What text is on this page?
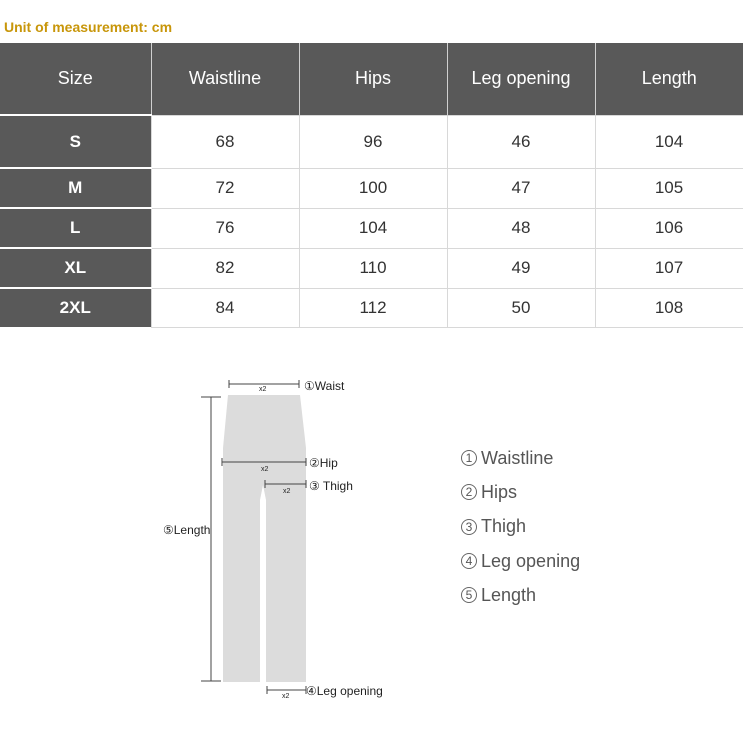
Unit of measurement: cm
Size	Waistline	Hips	Leg opening	Length
S	68	96	46	104
M	72	100	47	105
L	76	104	48	106
XL	82	110	49	107
2XL	84	112	50	108
x2	①Waist
x2	②Hip
x2 ③ Thigh
x2 ④Leg opening
⑤Length
1 Waistline
2 Hips
3 Thigh
4 Leg opening
5 Length
